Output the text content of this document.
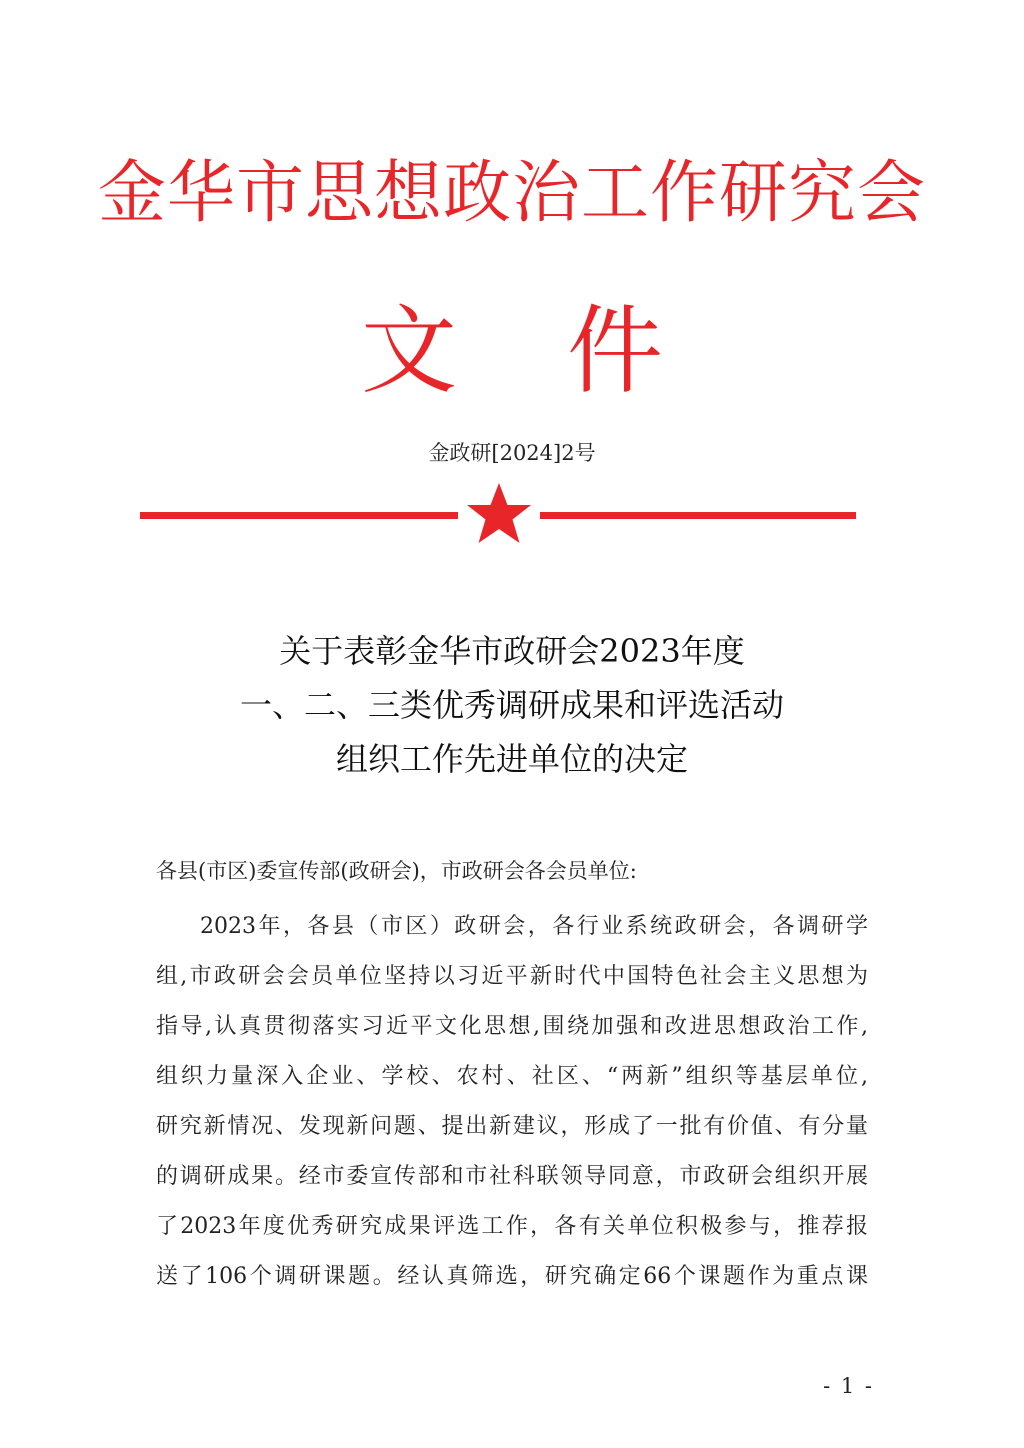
金华市思想政治工作研究会
文 件
金政研[2024]2号
关于表彰金华市政研会2023年度
一、二、三类优秀调研成果和评选活动
组织工作先进单位的决定
各县(市区)委宣传部(政研会)，市政研会各会员单位:
2023年，各县（市区）政研会，各行业系统政研会，各调研学
组,市政研会会员单位坚持以习近平新时代中国特色社会主义思想为
指导,认真贯彻落实习近平文化思想,围绕加强和改进思想政治工作,
组织力量深入企业、学校、农村、社区、“两新”组织等基层单位,
研究新情况、发现新问题、提出新建议，形成了一批有价值、有分量
的调研成果。经市委宣传部和市社科联领导同意，市政研会组织开展
了2023年度优秀研究成果评选工作，各有关单位积极参与，推荐报
送了106个调研课题。经认真筛选，研究确定66个课题作为重点课
- 1 -
